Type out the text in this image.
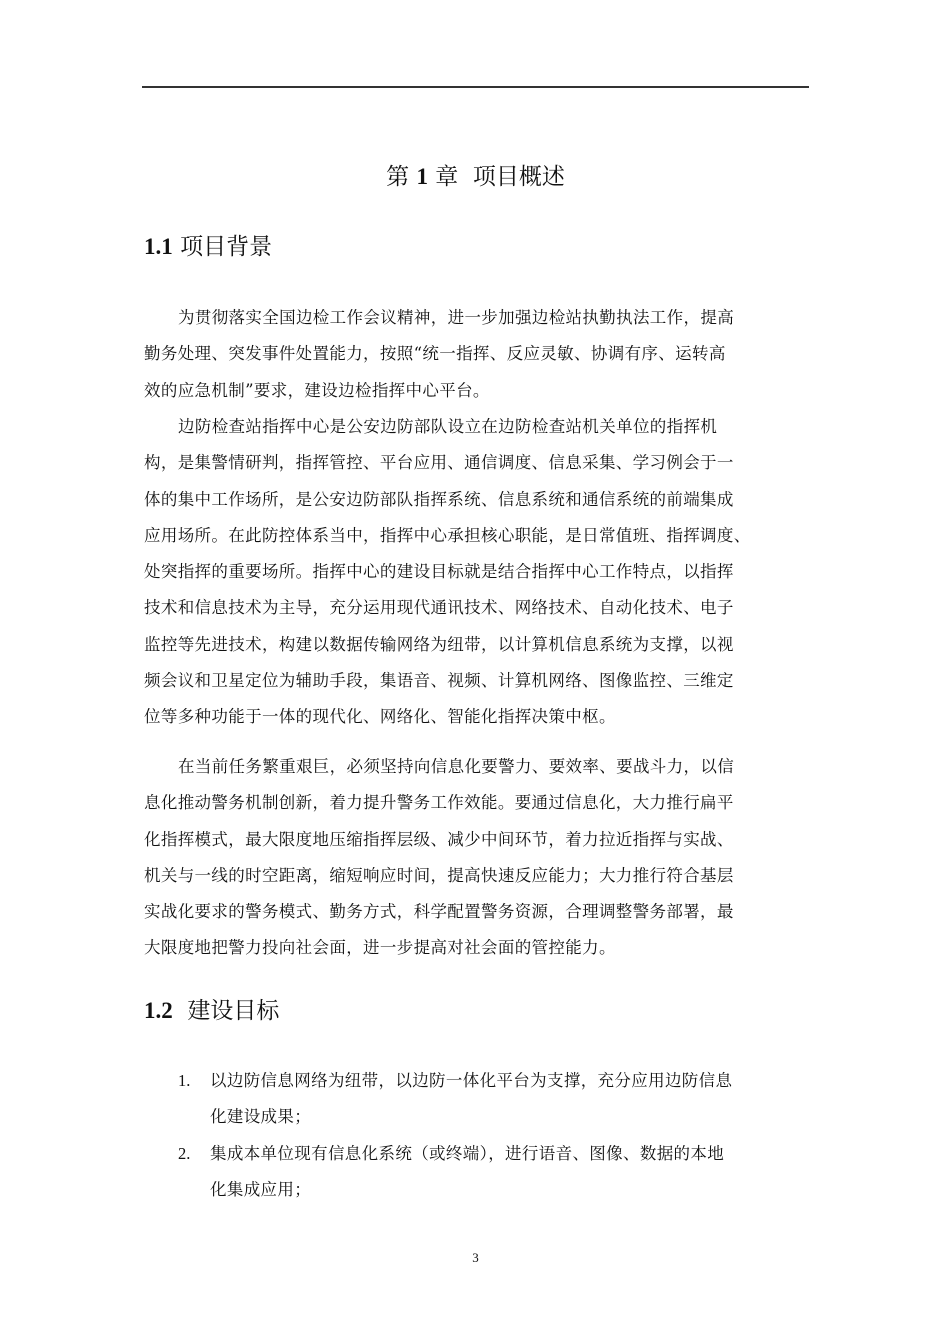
第 1 章 项目概述
1.1 项目背景
为贯彻落实全国边检工作会议精神，进一步加强边检站执勤执法工作，提高
勤务处理、突发事件处置能力，按照“统一指挥、反应灵敏、协调有序、运转高
效的应急机制”要求，建设边检指挥中心平台。
边防检查站指挥中心是公安边防部队设立在边防检查站机关单位的指挥机
构，是集警情研判，指挥管控、平台应用、通信调度、信息采集、学习例会于一
体的集中工作场所，是公安边防部队指挥系统、信息系统和通信系统的前端集成
应用场所。在此防控体系当中，指挥中心承担核心职能，是日常值班、指挥调度、
处突指挥的重要场所。指挥中心的建设目标就是结合指挥中心工作特点，以指挥
技术和信息技术为主导，充分运用现代通讯技术、网络技术、自动化技术、电子
监控等先进技术，构建以数据传输网络为纽带，以计算机信息系统为支撑，以视
频会议和卫星定位为辅助手段，集语音、视频、计算机网络、图像监控、三维定
位等多种功能于一体的现代化、网络化、智能化指挥决策中枢。
在当前任务繁重艰巨，必须坚持向信息化要警力、要效率、要战斗力，以信
息化推动警务机制创新，着力提升警务工作效能。要通过信息化，大力推行扁平
化指挥模式，最大限度地压缩指挥层级、减少中间环节，着力拉近指挥与实战、
机关与一线的时空距离，缩短响应时间，提高快速反应能力；大力推行符合基层
实战化要求的警务模式、勤务方式，科学配置警务资源，合理调整警务部署，最
大限度地把警力投向社会面，进一步提高对社会面的管控能力。
1.2 建设目标
1. 以边防信息网络为纽带，以边防一体化平台为支撑，充分应用边防信息
化建设成果；
2. 集成本单位现有信息化系统（或终端），进行语音、图像、数据的本地
化集成应用；
3
